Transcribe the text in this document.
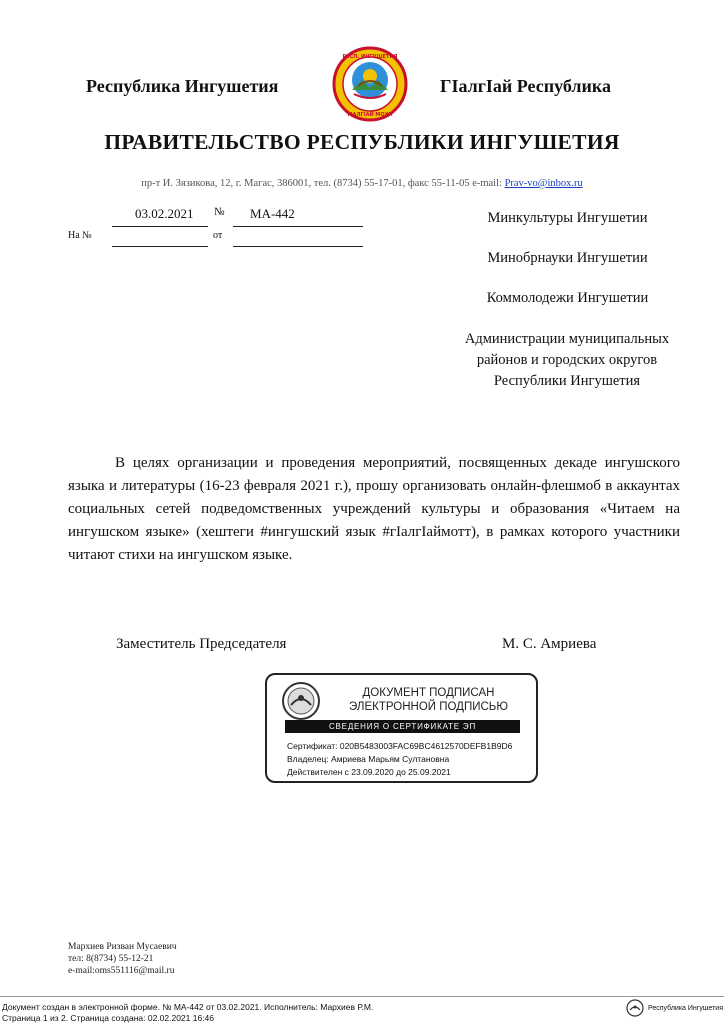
Республика Ингушетия
РЕСП. ИНГУШЕТИЯ
ГIАЛГIАЙ МОХК
ГIалгIай Республика
ПРАВИТЕЛЬСТВО РЕСПУБЛИКИ ИНГУШЕТИЯ
пр-т И. Зязикова, 12, г. Магас, 386001, тел. (8734) 55-17-01, факс 55-11-05 e-mail: Prav-vo@inbox.ru
03.02.2021 № МА-442
На №	от
Минкультуры Ингушетии
Минобрнауки Ингушетии
Коммолодежи Ингушетии
Администрации муниципальных районов и городских округов Республики Ингушетия
В целях организации и проведения мероприятий, посвященных декаде ингушского языка и литературы (16-23 февраля 2021 г.), прошу организовать онлайн-флешмоб в аккаунтах социальных сетей подведомственных учреждений культуры и образования «Читаем на ингушском языке» (хештеги #ингушский язык #гIалгIаймотт), в рамках которого участники читают стихи на ингушском языке.
Заместитель Председателя	М. С. Амриева
ДОКУМЕНТ ПОДПИСАН
ЭЛЕКТРОННОЙ ПОДПИСЬЮ
СВЕДЕНИЯ О СЕРТИФИКАТЕ ЭП
Сертификат: 020B5483003FAC69BC4612570DEFB1B9D6
Владелец: Амриева Марьям Султановна
Действителен с 23.09.2020 до 25.09.2021
Мархиев Ризван Мусаевич
тел: 8(8734) 55-12-21
e-mail:oms551116@mail.ru
Документ создан в электронной форме. № МА-442 от 03.02.2021. Исполнитель: Мархиев Р.М.
Страница 1 из 2. Страница создана: 02.02.2021 16:46
Республика Ингушетия
